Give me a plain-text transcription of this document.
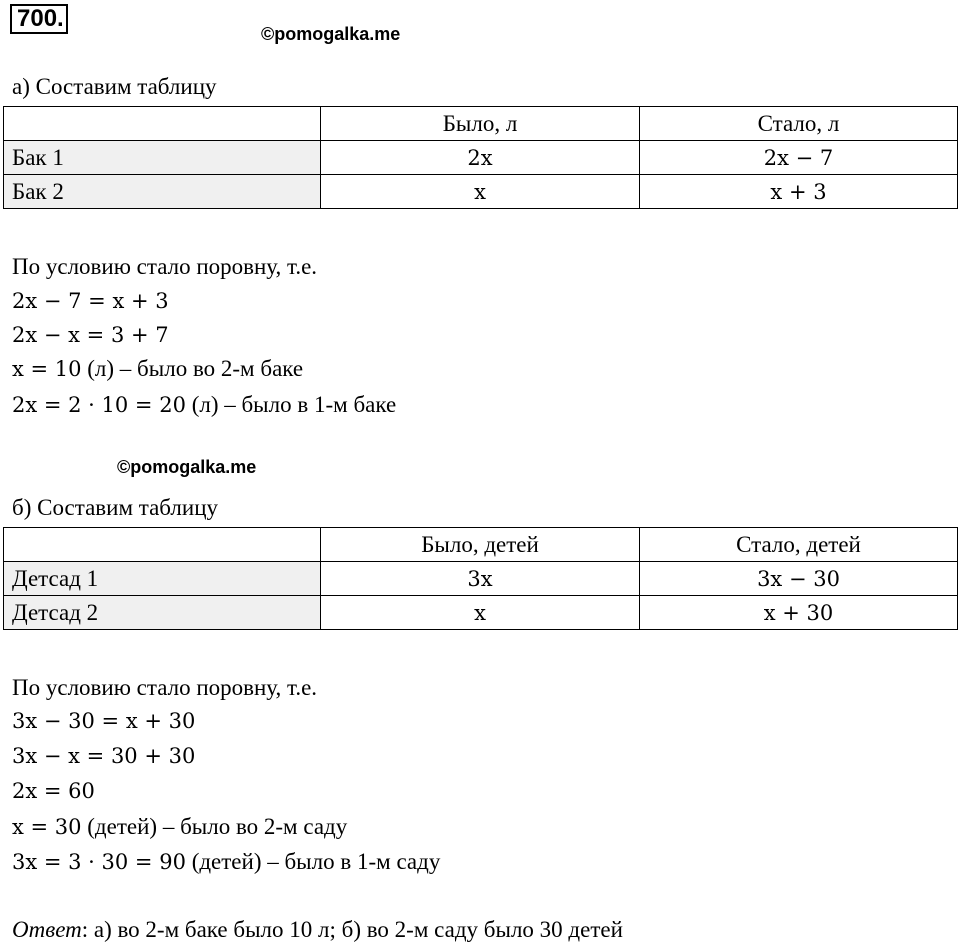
700.
©pomogalka.me
а) Составим таблицу
	Было, л	Стало, л
Бак 1	2x	2x − 7
Бак 2	x	x + 3
По условию стало поровну, т.е.
2x − 7 = x + 3
2x − x = 3 + 7
x = 10 (л) – было во 2-м баке
2x = 2 · 10 = 20 (л) – было в 1-м баке
©pomogalka.me
б) Составим таблицу
	Было, детей	Стало, детей
Детсад 1	3x	3x − 30
Детсад 2	x	x + 30
По условию стало поровну, т.е.
3x − 30 = x + 30
3x − x = 30 + 30
2x = 60
x = 30 (детей) – было во 2-м саду
3x = 3 · 30 = 90 (детей) – было в 1-м саду
Ответ: а) во 2-м баке было 10 л; б) во 2-м саду было 30 детей
